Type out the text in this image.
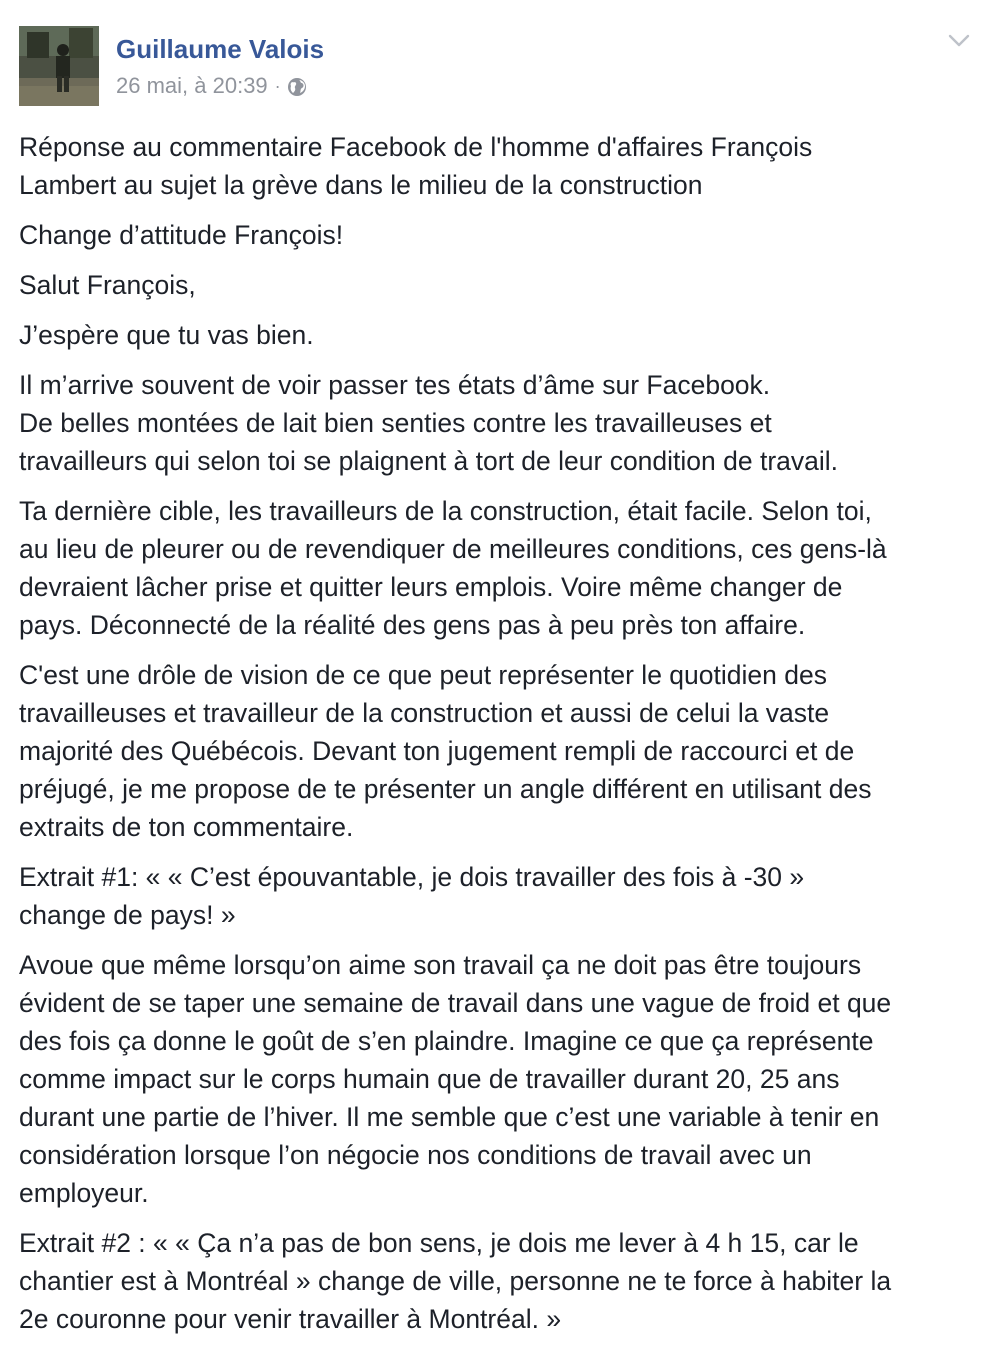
Guillaume Valois
26 mai, à 20:39 ·

Réponse au commentaire Facebook de l'homme d'affaires François
Lambert au sujet la grève dans le milieu de la construction

Change d’attitude François!

Salut François,

J’espère que tu vas bien.

Il m’arrive souvent de voir passer tes états d’âme sur Facebook.
De belles montées de lait bien senties contre les travailleuses et
travailleurs qui selon toi se plaignent à tort de leur condition de travail.

Ta dernière cible, les travailleurs de la construction, était facile. Selon toi,
au lieu de pleurer ou de revendiquer de meilleures conditions, ces gens-là
devraient lâcher prise et quitter leurs emplois. Voire même changer de
pays. Déconnecté de la réalité des gens pas à peu près ton affaire.

C'est une drôle de vision de ce que peut représenter le quotidien des
travailleuses et travailleur de la construction et aussi de celui la vaste
majorité des Québécois. Devant ton jugement rempli de raccourci et de
préjugé, je me propose de te présenter un angle différent en utilisant des
extraits de ton commentaire.

Extrait #1: « « C’est épouvantable, je dois travailler des fois à -30 »
change de pays! »

Avoue que même lorsqu’on aime son travail ça ne doit pas être toujours
évident de se taper une semaine de travail dans une vague de froid et que
des fois ça donne le goût de s’en plaindre. Imagine ce que ça représente
comme impact sur le corps humain que de travailler durant 20, 25 ans
durant une partie de l’hiver. Il me semble que c’est une variable à tenir en
considération lorsque l’on négocie nos conditions de travail avec un
employeur.

Extrait #2 : « « Ça n’a pas de bon sens, je dois me lever à 4 h 15, car le
chantier est à Montréal » change de ville, personne ne te force à habiter la
2e couronne pour venir travailler à Montréal. »
